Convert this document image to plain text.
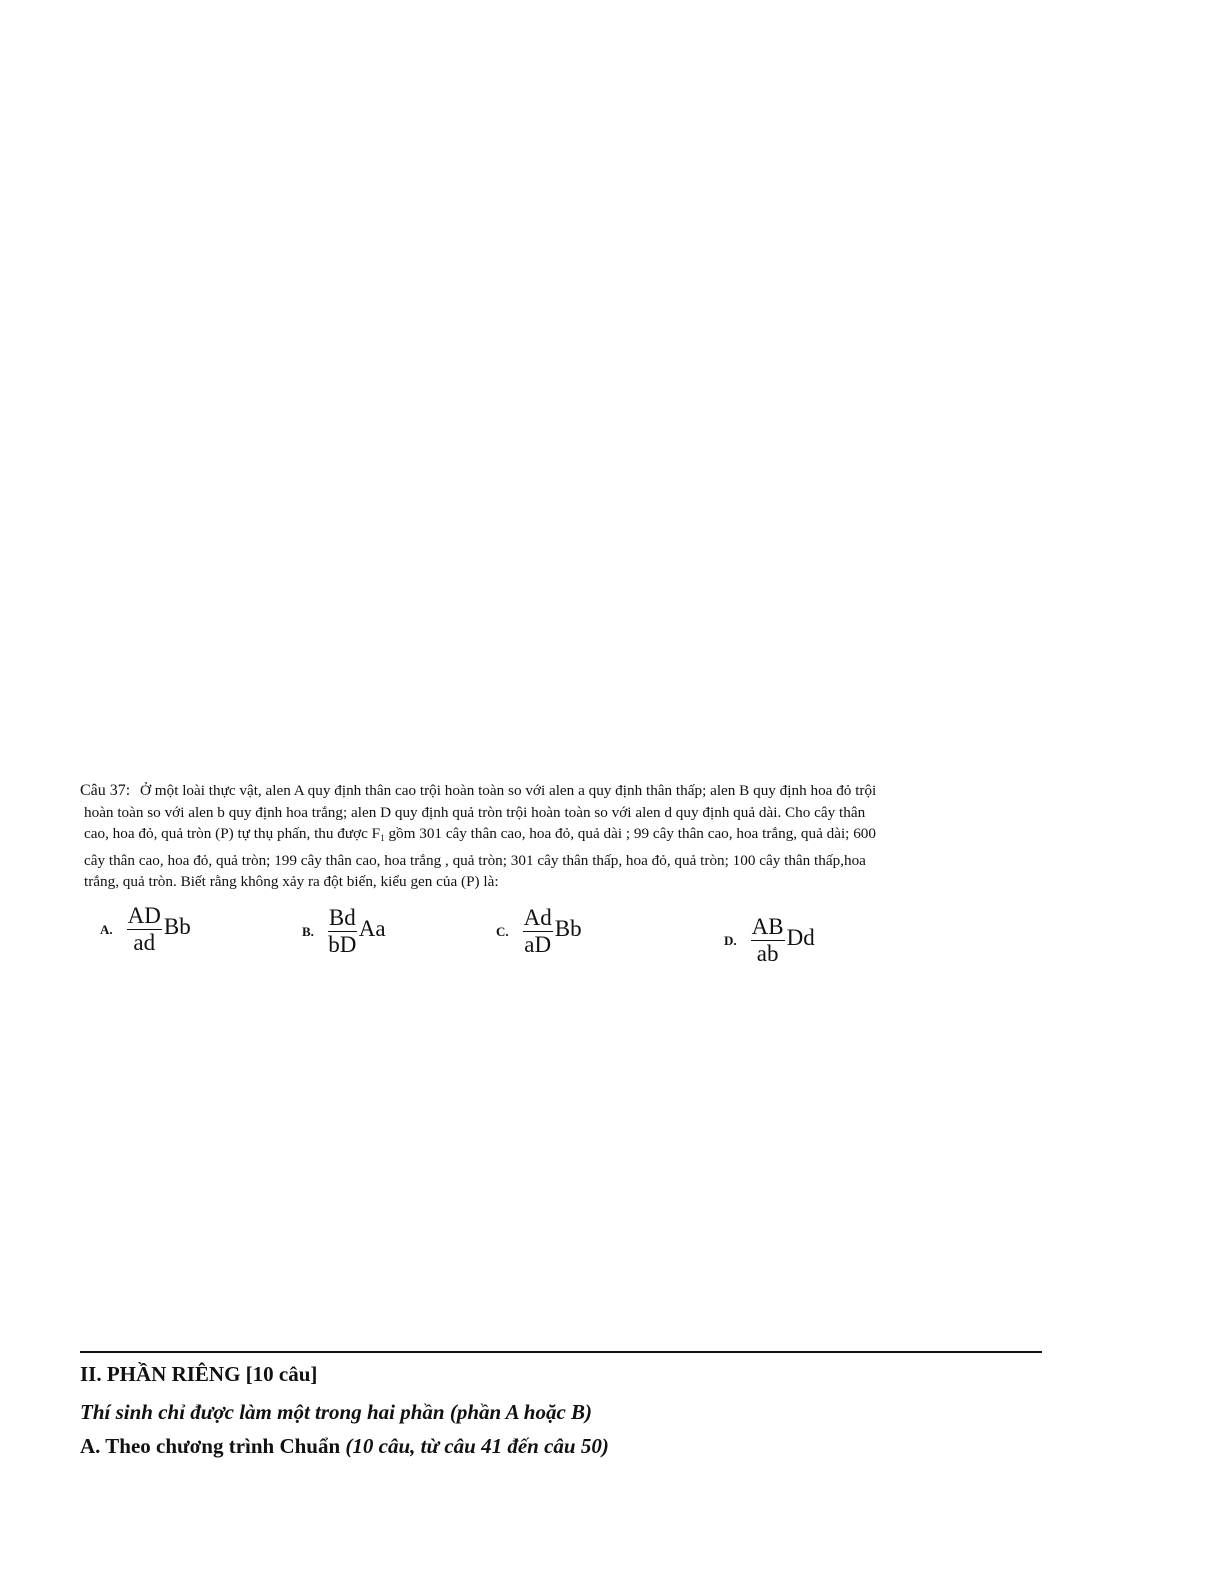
Câu 37: Ở một loài thực vật, alen A quy định thân cao trội hoàn toàn so với alen a quy định thân thấp; alen B quy định hoa đỏ trội
hoàn toàn so với alen b quy định hoa trắng; alen D quy định quả tròn trội hoàn toàn so với alen d quy định quả dài. Cho cây thân
cao, hoa đỏ, quả tròn (P) tự thụ phấn, thu được $F_1$ gồm 301 cây thân cao, hoa đỏ, quả dài ; 99 cây thân cao, hoa trắng, quả dài; 600
cây thân cao, hoa đỏ, quả tròn; 199 cây thân cao, hoa trắng , quả tròn; 301 cây thân thấp, hoa đỏ, quả tròn; 100 cây thân thấp,hoa
trắng, quả tròn. Biết rằng không xảy ra đột biến, kiểu gen của (P) là:

A. $\frac{AD}{ad}$ Bb	B. $\frac{Bd}{bD}$ Aa	C. $\frac{Ad}{aD}$ Bb	D. $\frac{AB}{ab}$ Dd

II. PHẦN RIÊNG [10 câu]

Thí sinh chỉ được làm một trong hai phần (phần A hoặc B)

A. Theo chương trình Chuẩn (10 câu, từ câu 41 đến câu 50)
